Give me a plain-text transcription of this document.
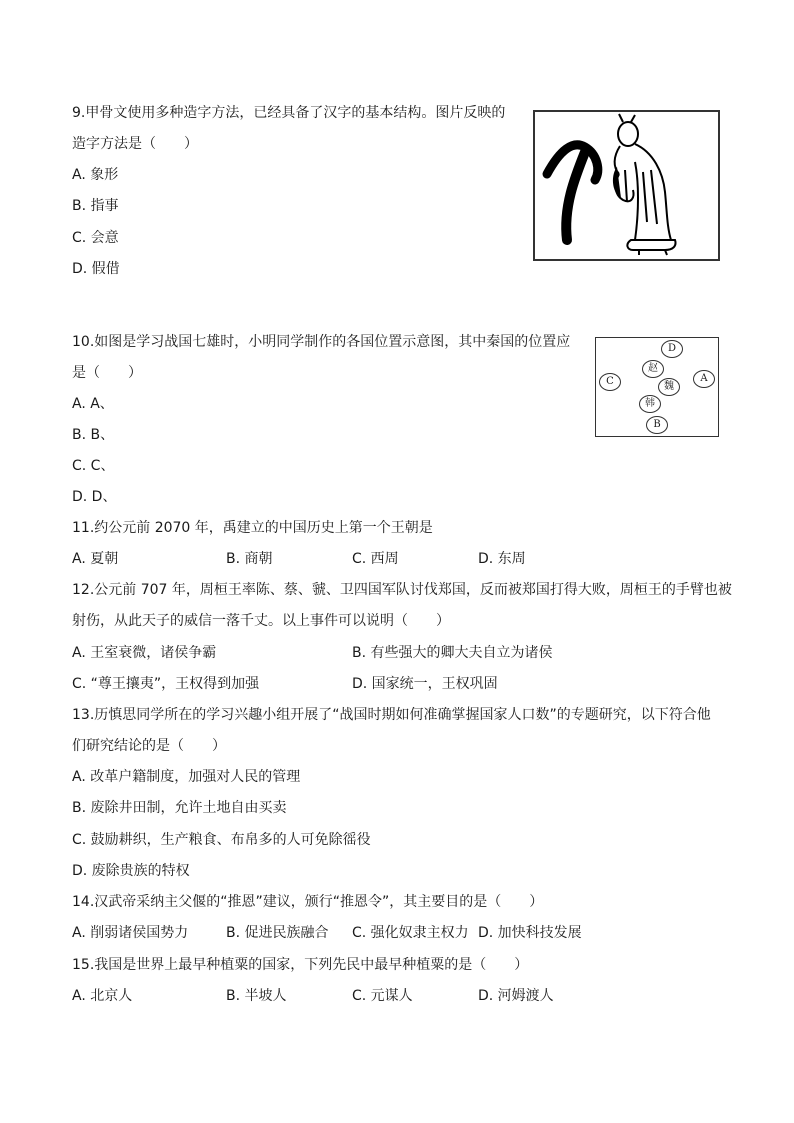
9.甲骨文使用多种造字方法，已经具备了汉字的基本结构。图片反映的
造字方法是（　　）
A. 象形
B. 指事
C. 会意
D. 假借
10.如图是学习战国七雄时，小明同学制作的各国位置示意图，其中秦国的位置应
是（　　）
A. A、
B. B、
C. C、
D. D、
D
赵
魏
C	A
韩
B
11.约公元前 2070 年，禹建立的中国历史上第一个王朝是
A. 夏朝	B. 商朝	C. 西周	D. 东周
12.公元前 707 年，周桓王率陈、蔡、虢、卫四国军队讨伐郑国，反而被郑国打得大败，周桓王的手臂也被
射伤，从此天子的威信一落千丈。以上事件可以说明（　　）
A. 王室衰微，诸侯争霸	B. 有些强大的卿大夫自立为诸侯
C. “尊王攘夷”，王权得到加强	D. 国家统一，王权巩固
13.历慎思同学所在的学习兴趣小组开展了“战国时期如何准确掌握国家人口数”的专题研究，以下符合他
们研究结论的是（　　）
A. 改革户籍制度，加强对人民的管理
B. 废除井田制，允许土地自由买卖
C. 鼓励耕织，生产粮食、布帛多的人可免除徭役
D. 废除贵族的特权
14.汉武帝采纳主父偃的“推恩”建议，颁行“推恩令”，其主要目的是（　　）
A. 削弱诸侯国势力	B. 促进民族融合 C. 强化奴隶主权力 D. 加快科技发展
15.我国是世界上最早种植粟的国家，下列先民中最早种植粟的是（　　）
A. 北京人	B. 半坡人	C. 元谋人	D. 河姆渡人
